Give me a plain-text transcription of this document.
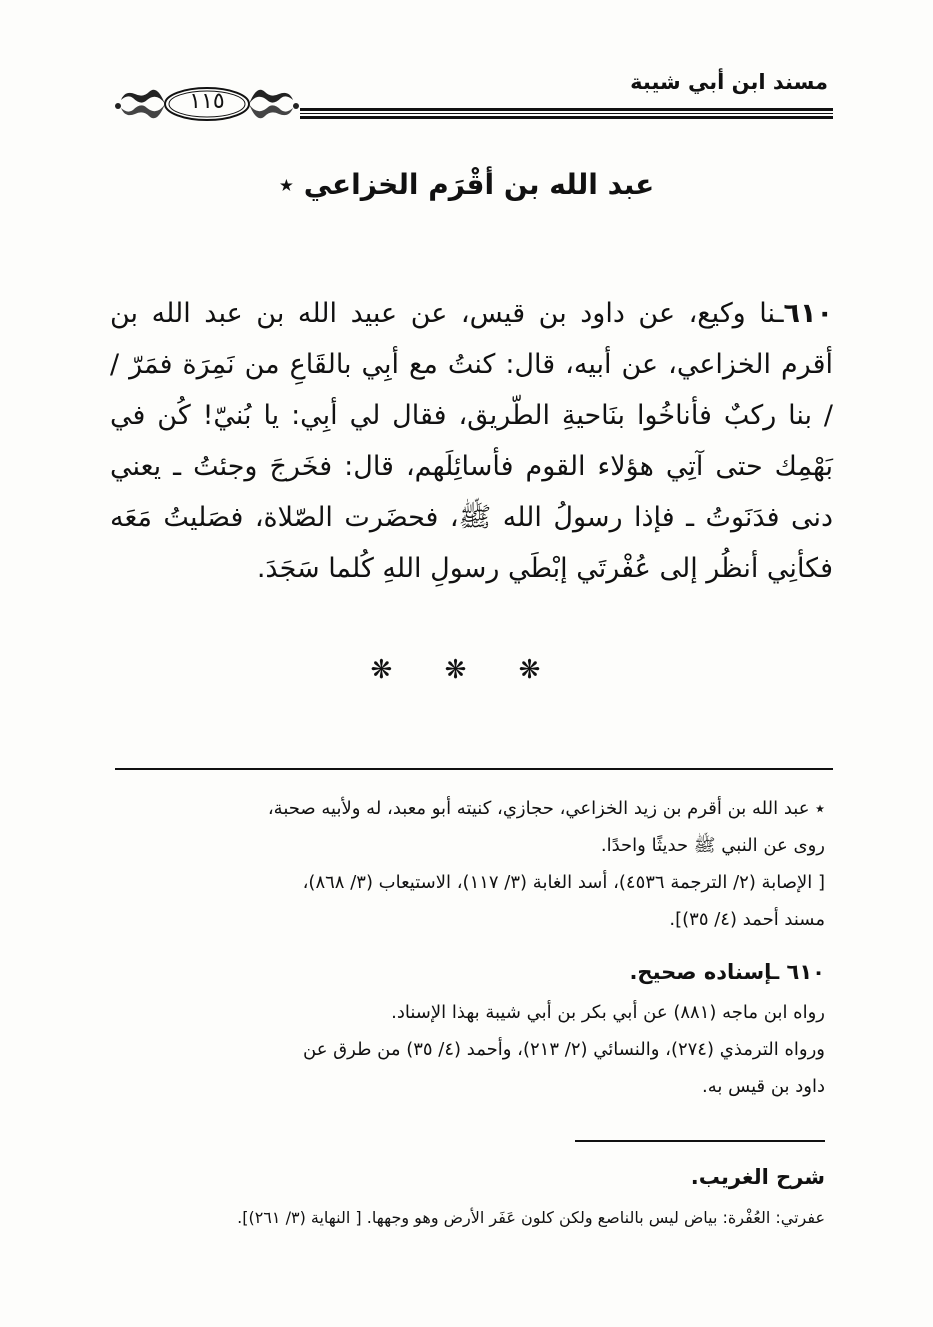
مسند ابن أبي شيبة
١١٥
عبد الله بن أقْرَم الخزاعي ٭
٦١٠ـنا وكيع، عن داود بن قيس، عن عبيد الله بن عبد الله بن أقرم الخزاعي، عن أبيه، قال: كنتُ مع أبِي بالقَاعِ من نَمِرَة فمَرّ / / بنا ركبٌ فأناخُوا بنَاحيةِ الطّريق، فقال لي أبِي: يا بُنيّ! كُن في بَهْمِك حتى آتِي هؤلاء القوم فأسائِلَهم، قال: فخَرجَ وجئتُ ـ يعني دنى فدَنَوتُ ـ فإذا رسولُ الله ﷺ، فحضَرت الصّلاة، فصَليتُ مَعَه فكأنِي أنظُر إلى عُفْرتَي إبْطَي رسولِ اللهِ كُلما سَجَدَ.
❋ ❋ ❋

٭ عبد الله بن أقرم بن زيد الخزاعي، حجازي، كنيته أبو معبد، له ولأبيه صحبة،

روى عن النبي ﷺ حديثًا واحدًا.

[ الإصابة (٢/ الترجمة ٤٥٣٦)، أسد الغابة (٣/ ١١٧)، الاستيعاب (٣/ ٨٦٨)،

مسند أحمد (٤/ ٣٥)].

٦١٠ ـإسناده صحيح.

رواه ابن ماجه (٨٨١) عن أبي بكر بن أبي شيبة بهذا الإسناد.

ورواه الترمذي (٢٧٤)، والنسائي (٢/ ٢١٣)، وأحمد (٤/ ٣٥) من طرق عن

داود بن قيس به.

شرح الغريب.
عفرتي: العُفْرة: بياض ليس بالناصع ولكن كلون عَفَر الأرض وهو وجهها. [ النهاية (٣/ ٢٦١)].
